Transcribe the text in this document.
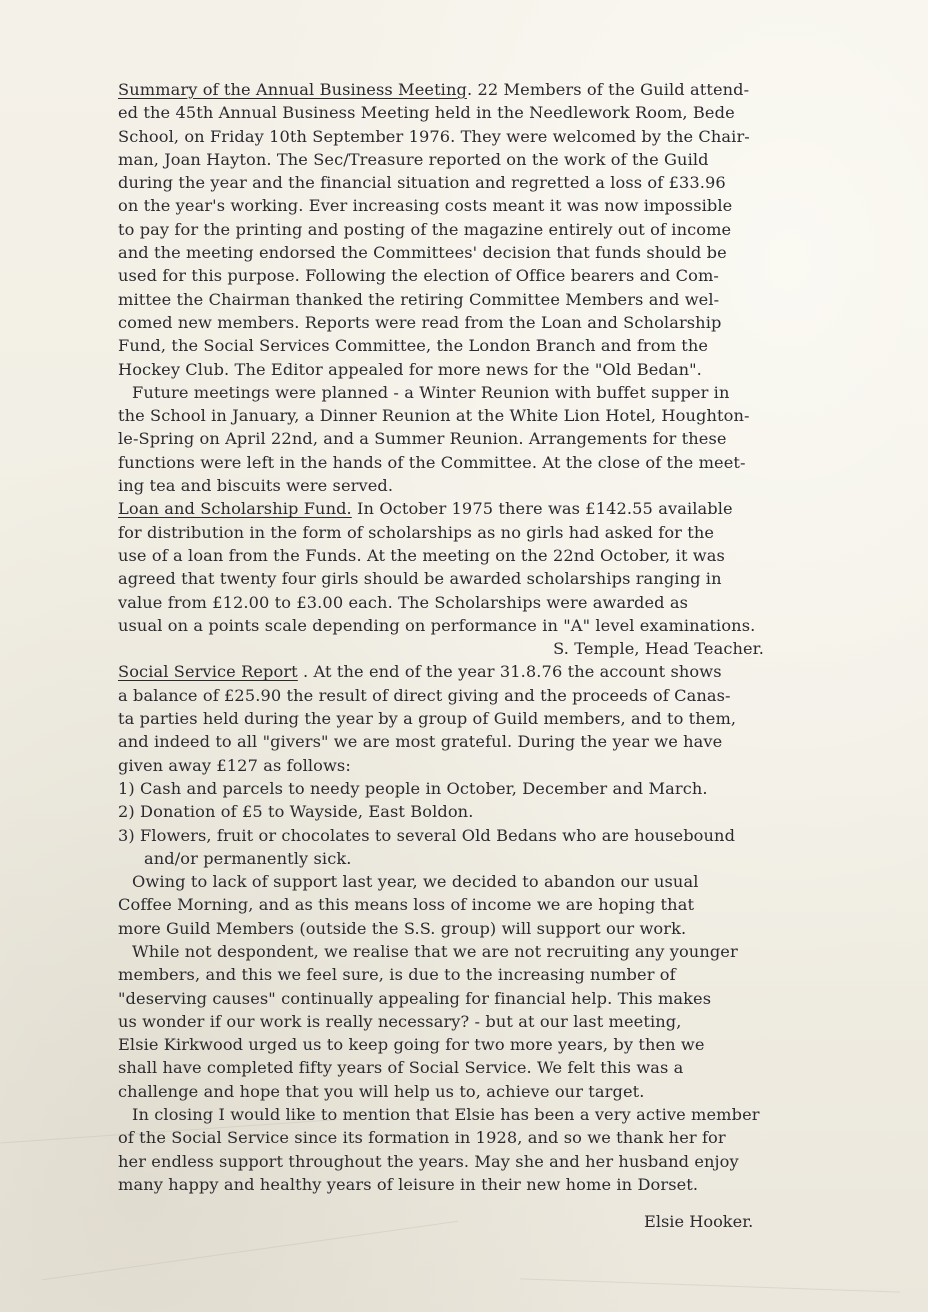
Summary of the Annual Business Meeting. 22 Members of the Guild attend-
ed the 45th Annual Business Meeting held in the Needlework Room, Bede
School, on Friday 10th September 1976. They were welcomed by the Chair-
man, Joan Hayton. The Sec/Treasure reported on the work of the Guild
during the year and the financial situation and regretted a loss of £33.96
on the year's working. Ever increasing costs meant it was now impossible
to pay for the printing and posting of the magazine entirely out of income
and the meeting endorsed the Committees' decision that funds should be
used for this purpose. Following the election of Office bearers and Com-
mittee the Chairman thanked the retiring Committee Members and wel-
comed new members. Reports were read from the Loan and Scholarship
Fund, the Social Services Committee, the London Branch and from the
Hockey Club. The Editor appealed for more news for the "Old Bedan".
Future meetings were planned - a Winter Reunion with buffet supper in
the School in January, a Dinner Reunion at the White Lion Hotel, Houghton-
le-Spring on April 22nd, and a Summer Reunion. Arrangements for these
functions were left in the hands of the Committee. At the close of the meet-
ing tea and biscuits were served.
Loan and Scholarship Fund. In October 1975 there was £142.55 available
for distribution in the form of scholarships as no girls had asked for the
use of a loan from the Funds. At the meeting on the 22nd October, it was
agreed that twenty four girls should be awarded scholarships ranging in
value from £12.00 to £3.00 each. The Scholarships were awarded as
usual on a points scale depending on performance in "A" level examinations.
S. Temple, Head Teacher.
Social Service Report . At the end of the year 31.8.76 the account shows
a balance of £25.90 the result of direct giving and the proceeds of Canas-
ta parties held during the year by a group of Guild members, and to them,
and indeed to all "givers" we are most grateful. During the year we have
given away £127 as follows:
1) Cash and parcels to needy people in October, December and March.
2) Donation of £5 to Wayside, East Boldon.
3) Flowers, fruit or chocolates to several Old Bedans who are housebound
and/or permanently sick.
Owing to lack of support last year, we decided to abandon our usual
Coffee Morning, and as this means loss of income we are hoping that
more Guild Members (outside the S.S. group) will support our work.
While not despondent, we realise that we are not recruiting any younger
members, and this we feel sure, is due to the increasing number of
"deserving causes" continually appealing for financial help. This makes
us wonder if our work is really necessary? - but at our last meeting,
Elsie Kirkwood urged us to keep going for two more years, by then we
shall have completed fifty years of Social Service. We felt this was a
challenge and hope that you will help us to, achieve our target.
In closing I would like to mention that Elsie has been a very active member
of the Social Service since its formation in 1928, and so we thank her for
her endless support throughout the years. May she and her husband enjoy
many happy and healthy years of leisure in their new home in Dorset.
Elsie Hooker.
